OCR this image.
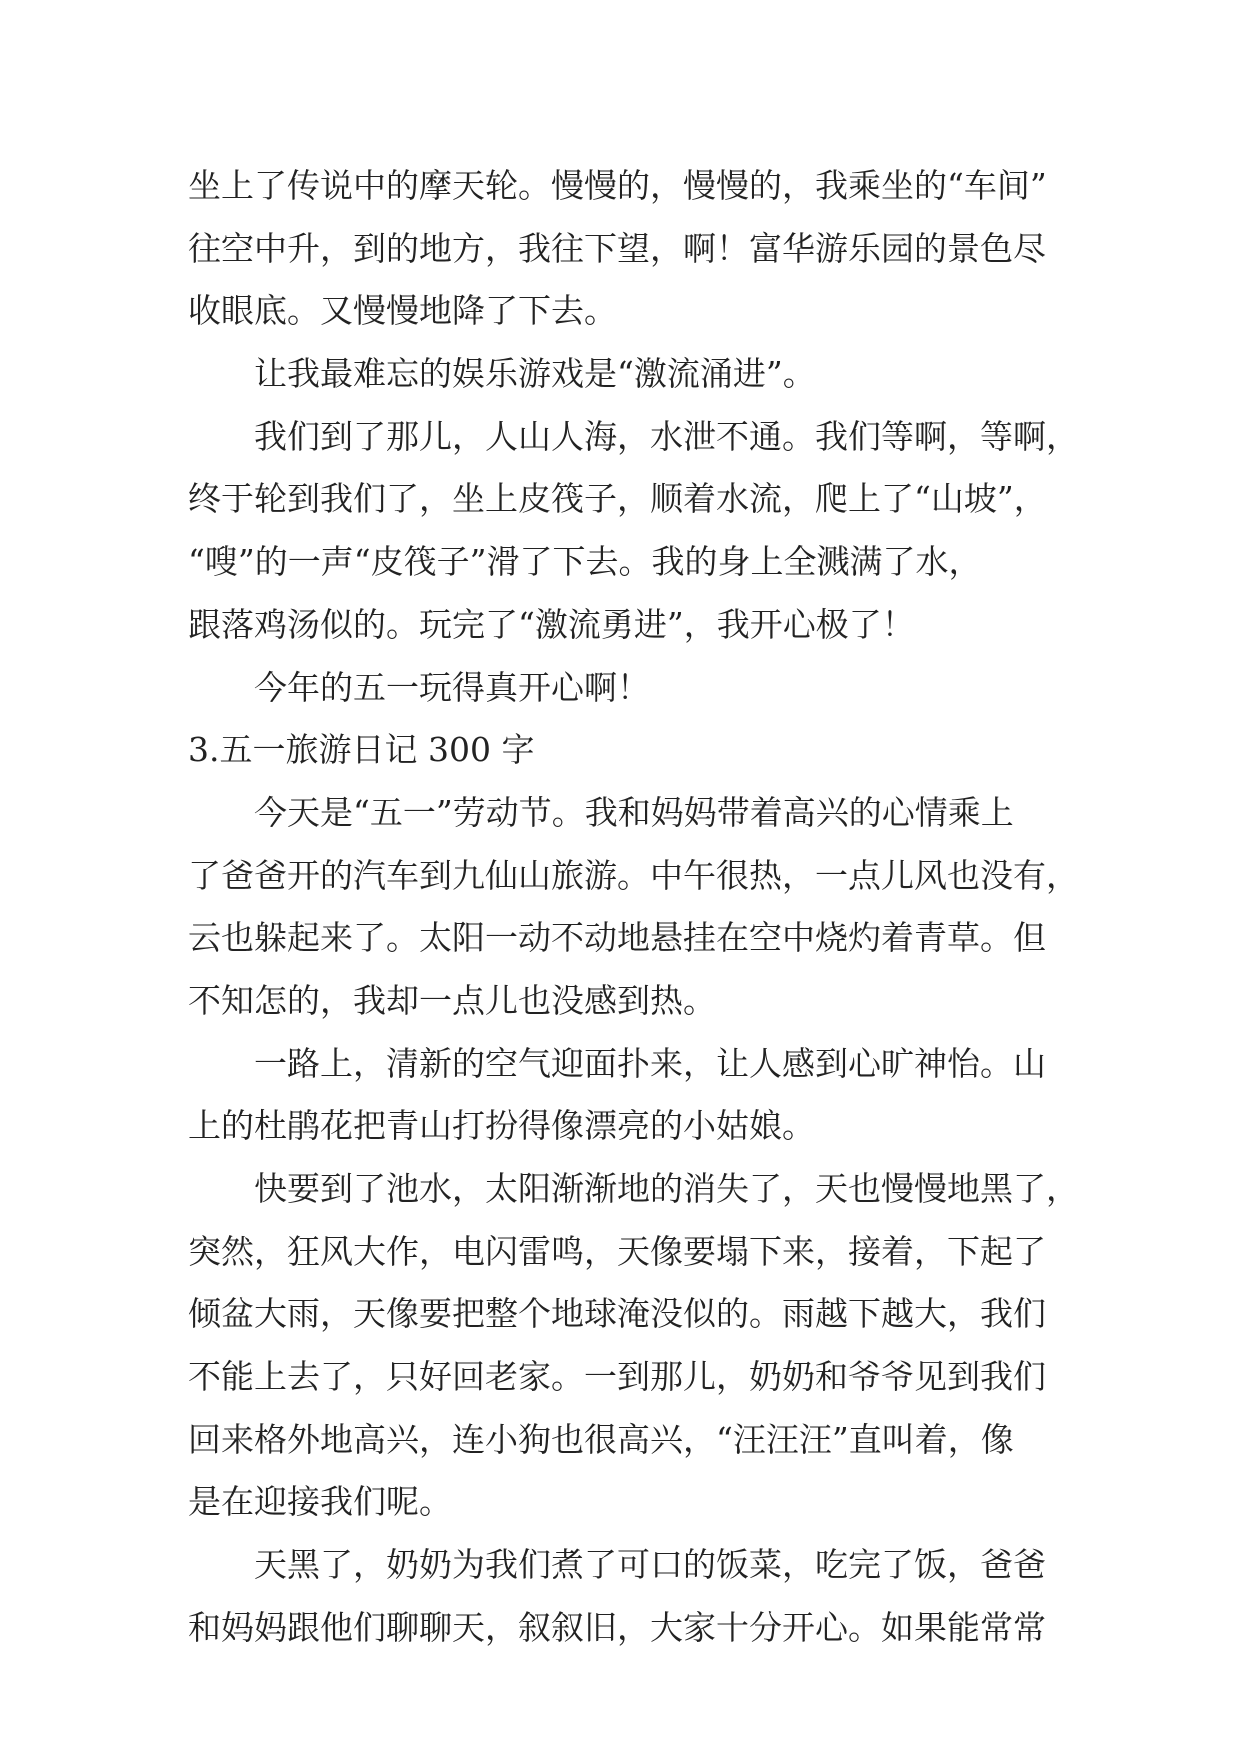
坐上了传说中的摩天轮。慢慢的，慢慢的，我乘坐的“车间”
往空中升，到的地方，我往下望，啊！富华游乐园的景色尽
收眼底。又慢慢地降了下去。
让我最难忘的娱乐游戏是“激流涌进”。
我们到了那儿，人山人海，水泄不通。我们等啊，等啊，
终于轮到我们了，坐上皮筏子，顺着水流，爬上了“山坡”，
“嗖”的一声“皮筏子”滑了下去。我的身上全溅满了水，
跟落鸡汤似的。玩完了“激流勇进”，我开心极了！
今年的五一玩得真开心啊！
3.五一旅游日记 300 字
今天是“五一”劳动节。我和妈妈带着高兴的心情乘上
了爸爸开的汽车到九仙山旅游。中午很热，一点儿风也没有，
云也躲起来了。太阳一动不动地悬挂在空中烧灼着青草。但
不知怎的，我却一点儿也没感到热。
一路上，清新的空气迎面扑来，让人感到心旷神怡。山
上的杜鹃花把青山打扮得像漂亮的小姑娘。
快要到了池水，太阳渐渐地的消失了，天也慢慢地黑了，
突然，狂风大作，电闪雷鸣，天像要塌下来，接着，下起了
倾盆大雨，天像要把整个地球淹没似的。雨越下越大，我们
不能上去了，只好回老家。一到那儿，奶奶和爷爷见到我们
回来格外地高兴，连小狗也很高兴，“汪汪汪”直叫着，像
是在迎接我们呢。
天黑了，奶奶为我们煮了可口的饭菜，吃完了饭，爸爸
和妈妈跟他们聊聊天，叙叙旧，大家十分开心。如果能常常
